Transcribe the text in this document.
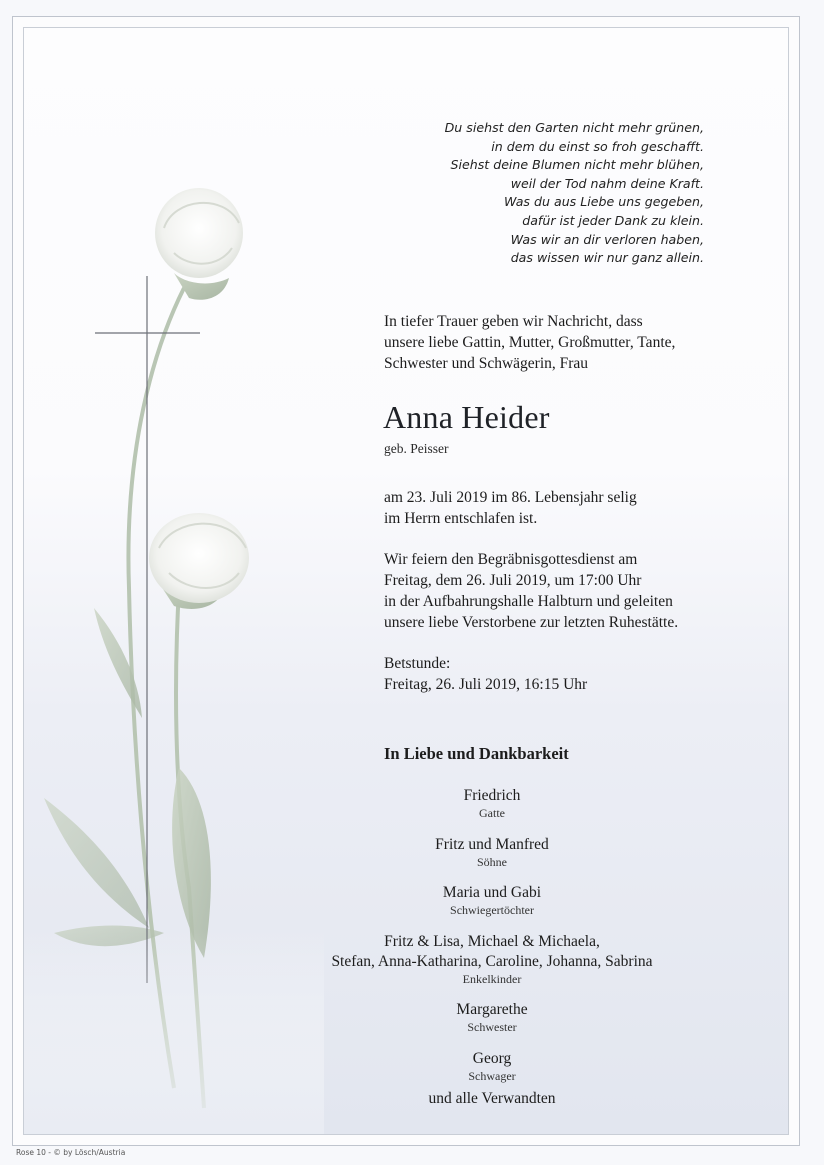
Du siehst den Garten nicht mehr grünen,
in dem du einst so froh geschafft.
Siehst deine Blumen nicht mehr blühen,
weil der Tod nahm deine Kraft.
Was du aus Liebe uns gegeben,
dafür ist jeder Dank zu klein.
Was wir an dir verloren haben,
das wissen wir nur ganz allein.
In tiefer Trauer geben wir Nachricht, dass
unsere liebe Gattin, Mutter, Großmutter, Tante,
Schwester und Schwägerin, Frau
Anna Heider
geb. Peisser
am 23. Juli 2019 im 86. Lebensjahr selig
im Herrn entschlafen ist.
Wir feiern den Begräbnisgottesdienst am
Freitag, dem 26. Juli 2019, um 17:00 Uhr
in der Aufbahrungshalle Halbturn und geleiten
unsere liebe Verstorbene zur letzten Ruhestätte.
Betstunde:
Freitag, 26. Juli 2019, 16:15 Uhr
In Liebe und Dankbarkeit
Friedrich
Gatte
Fritz und Manfred
Söhne
Maria und Gabi
Schwiegertöchter
Fritz & Lisa, Michael & Michaela,
Stefan, Anna-Katharina, Caroline, Johanna, Sabrina
Enkelkinder
Margarethe
Schwester
Georg
Schwager
und alle Verwandten
Rose 10 - © by Lösch/Austria
